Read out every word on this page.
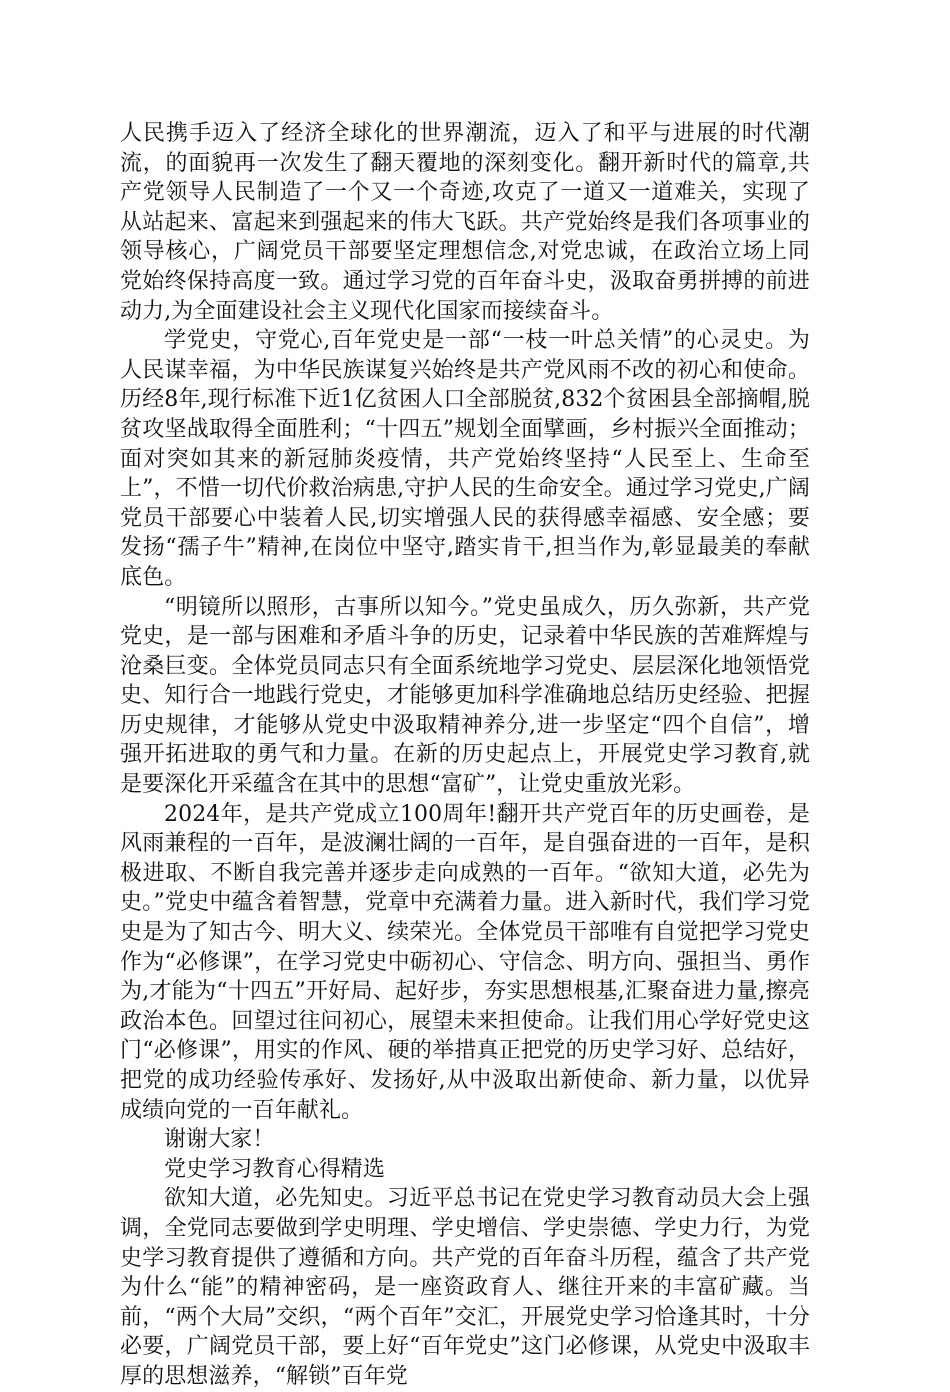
人民携手迈入了经济全球化的世界潮流，迈入了和平与进展的时代潮流，的面貌再一次发生了翻天覆地的深刻变化。翻开新时代的篇章,共产党领导人民制造了一个又一个奇迹,攻克了一道又一道难关，实现了从站起来、富起来到强起来的伟大飞跃。共产党始终是我们各项事业的领导核心，广阔党员干部要坚定理想信念,对党忠诚，在政治立场上同党始终保持高度一致。通过学习党的百年奋斗史，汲取奋勇拼搏的前进动力,为全面建设社会主义现代化国家而接续奋斗。

学党史，守党心,百年党史是一部“一枝一叶总关情”的心灵史。为人民谋幸福，为中华民族谋复兴始终是共产党风雨不改的初心和使命。历经8年,现行标准下近1亿贫困人口全部脱贫,832个贫困县全部摘帽,脱贫攻坚战取得全面胜利；“十四五”规划全面擘画，乡村振兴全面推动；面对突如其来的新冠肺炎疫情，共产党始终坚持“人民至上、生命至上”，不惜一切代价救治病患,守护人民的生命安全。通过学习党史,广阔党员干部要心中装着人民,切实增强人民的获得感幸福感、安全感；要发扬“孺子牛”精神,在岗位中坚守,踏实肯干,担当作为,彰显最美的奉献底色。

“明镜所以照形，古事所以知今。”党史虽成久，历久弥新，共产党党史，是一部与困难和矛盾斗争的历史，记录着中华民族的苦难辉煌与沧桑巨变。全体党员同志只有全面系统地学习党史、层层深化地领悟党史、知行合一地践行党史，才能够更加科学准确地总结历史经验、把握历史规律，才能够从党史中汲取精神养分,进一步坚定“四个自信”，增强开拓进取的勇气和力量。在新的历史起点上，开展党史学习教育,就是要深化开采蕴含在其中的思想“富矿”，让党史重放光彩。

2024年，是共产党成立100周年!翻开共产党百年的历史画卷，是风雨兼程的一百年，是波澜壮阔的一百年，是自强奋进的一百年，是积极进取、不断自我完善并逐步走向成熟的一百年。“欲知大道，必先为史。”党史中蕴含着智慧，党章中充满着力量。进入新时代，我们学习党史是为了知古今、明大义、续荣光。全体党员干部唯有自觉把学习党史作为“必修课”，在学习党史中砺初心、守信念、明方向、强担当、勇作为,才能为“十四五”开好局、起好步，夯实思想根基,汇聚奋进力量,擦亮政治本色。回望过往问初心，展望未来担使命。让我们用心学好党史这门“必修课”，用实的作风、硬的举措真正把党的历史学习好、总结好，把党的成功经验传承好、发扬好,从中汲取出新使命、新力量，以优异成绩向党的一百年献礼。

谢谢大家！

党史学习教育心得精选

欲知大道，必先知史。习近平总书记在党史学习教育动员大会上强调，全党同志要做到学史明理、学史增信、学史崇德、学史力行，为党史学习教育提供了遵循和方向。共产党的百年奋斗历程，蕴含了共产党为什么“能”的精神密码，是一座资政育人、继往开来的丰富矿藏。当前，“两个大局”交织，“两个百年”交汇，开展党史学习恰逢其时，十分必要，广阔党员干部，要上好“百年党史”这门必修课，从党史中汲取丰厚的思想滋养，“解锁”百年党
